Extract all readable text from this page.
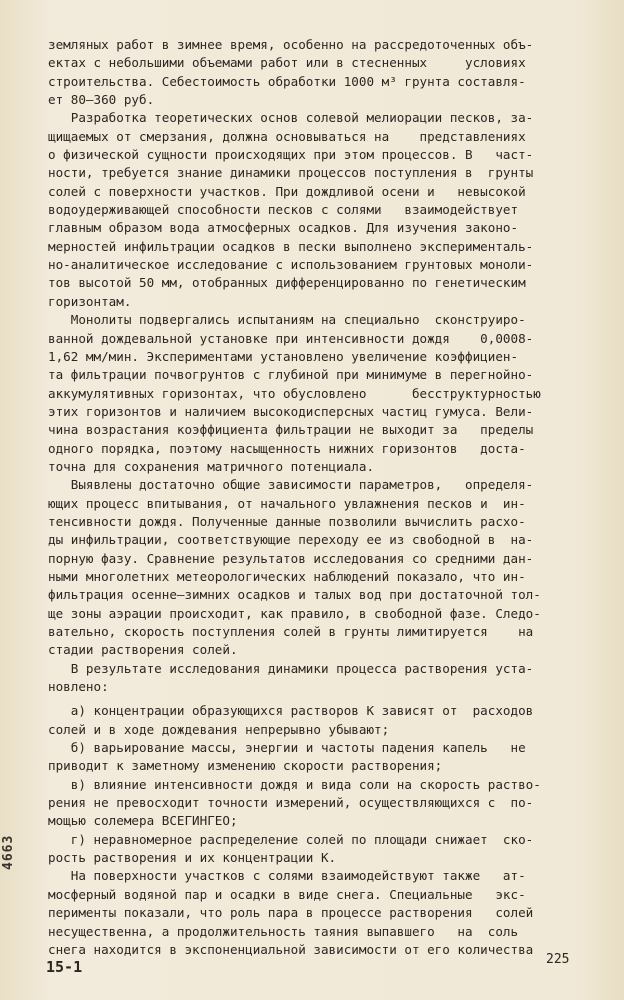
земляных работ в зимнее время, особенно на рассредоточенных объ-
ектах с небольшими объемами работ или в стесненных     условиях
строительства. Себестоимость обработки 1000 м³ грунта составля-
ет 80–360 руб.
Разработка теоретических основ солевой мелиорации песков, за-
щищаемых от смерзания, должна основываться на    представлениях
о физической сущности происходящих при этом процессов. В   част-
ности, требуется знание динамики процессов поступления в  грунты
солей с поверхности участков. При дождливой осени и   невысокой
водоудерживающей способности песков с солями   взаимодействует
главным образом вода атмосферных осадков. Для изучения законо-
мерностей инфильтрации осадков в пески выполнено эксперименталь-
но-аналитическое исследование с использованием грунтовых моноли-
тов высотой 50 мм, отобранных дифференцированно по генетическим
горизонтам.
Монолиты подвергались испытаниям на специально  сконструиро-
ванной дождевальной установке при интенсивности дождя    0,0008-
1,62 мм/мин. Экспериментами установлено увеличение коэффициен-
та фильтрации почвогрунтов с глубиной при минимуме в перегнойно-
аккумулятивных горизонтах, что обусловлено      бесструктурностью
этих горизонтов и наличием высокодисперсных частиц гумуса. Вели-
чина возрастания коэффициента фильтрации не выходит за   пределы
одного порядка, поэтому насыщенность нижних горизонтов   доста-
точна для сохранения матричного потенциала.
Выявлены достаточно общие зависимости параметров,   определя-
ющих процесс впитывания, от начального увлажнения песков и  ин-
тенсивности дождя. Полученные данные позволили вычислить расхо-
ды инфильтрации, соответствующие переходу ее из свободной в  на-
порную фазу. Сравнение результатов исследования со средними дан-
ными многолетних метеорологических наблюдений показало, что ин-
фильтрация осенне–зимних осадков и талых вод при достаточной тол-
ще зоны аэрации происходит, как правило, в свободной фазе. Следо-
вательно, скорость поступления солей в грунты лимитируется    на
стадии растворения солей.
В результате исследования динамики процесса растворения уста-
новлено:
а) концентрации образующихся растворов К зависят от  расходов
солей и в ходе дождевания непрерывно убывают;
б) варьирование массы, энергии и частоты падения капель   не
приводит к заметному изменению скорости растворения;
в) влияние интенсивности дождя и вида соли на скорость раство-
рения не превосходит точности измерений, осуществляющихся с  по-
мощью солемера ВСЕГИНГЕО;
г) неравномерное распределение солей по площади снижает  ско-
рость растворения и их концентрации К.
На поверхности участков с солями взаимодействуют также   ат-
мосферный водяной пар и осадки в виде снега. Специальные   экс-
перименты показали, что роль пара в процессе растворения   солей
несущественна, а продолжительность таяния выпавшего   на  соль
снега находится в экспоненциальной зависимости от его количества
4663
15-1	225
